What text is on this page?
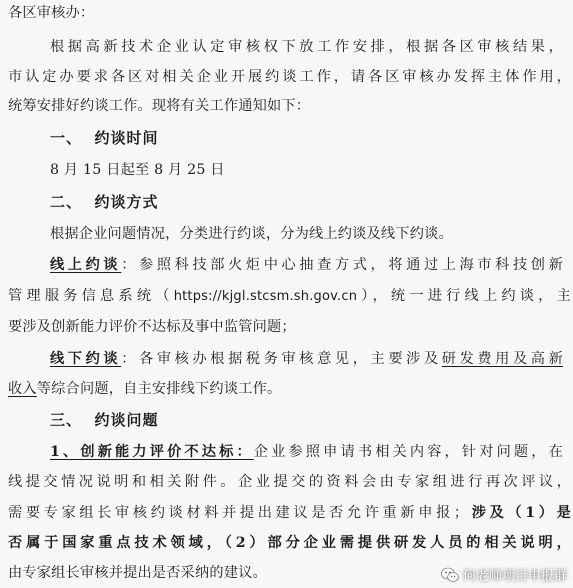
各区审核办：
根据高新技术企业认定审核权下放工作安排，根据各区审核结果，
市认定办要求各区对相关企业开展约谈工作，请各区审核办发挥主体作用，
统筹安排好约谈工作。现将有关工作通知如下：
一、 约谈时间
8 月 15 日起至 8 月 25 日
二、 约谈方式
根据企业问题情况，分类进行约谈，分为线上约谈及线下约谈。
线上约谈：参照科技部火炬中心抽查方式，将通过上海市科技创新
管理服务信息系统（https://kjgl.stcsm.sh.gov.cn），统一进行线上约谈，主
要涉及创新能力评价不达标及事中监管问题；
线下约谈：各审核办根据税务审核意见，主要涉及研发费用及高新
收入等综合问题，自主安排线下约谈工作。
三、 约谈问题
1、创新能力评价不达标：企业参照申请书相关内容，针对问题，在
线提交情况说明和相关附件。企业提交的资料会由专家组进行再次评议，
需要专家组长审核约谈材料并提出建议是否允许重新申报；涉及（1）是
否属于国家重点技术领域，（2）部分企业需提供研发人员的相关说明，
由专家组长审核并提出是否采纳的建议。	何老师项目申报群
